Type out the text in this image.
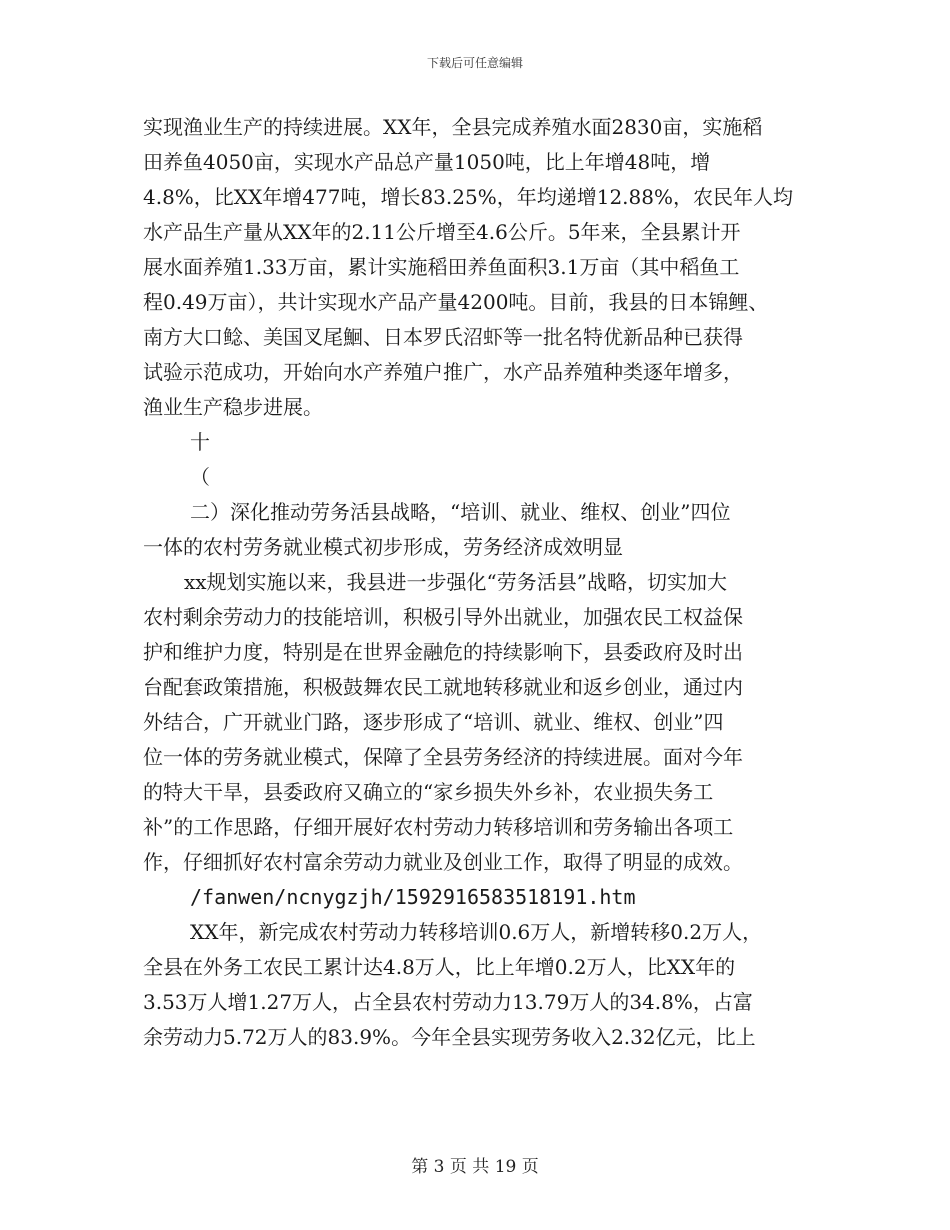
下载后可任意编辑
实现渔业生产的持续进展。XX年，全县完成养殖水面2830亩，实施稻
田养鱼4050亩，实现水产品总产量1050吨，比上年增48吨，增
4.8%，比XX年增477吨，增长83.25%，年均递增12.88%，农民年人均
水产品生产量从XX年的2.11公斤增至4.6公斤。5年来，全县累计开
展水面养殖1.33万亩，累计实施稻田养鱼面积3.1万亩（其中稻鱼工
程0.49万亩），共计实现水产品产量4200吨。目前，我县的日本锦鲤、
南方大口鲶、美国叉尾鮰、日本罗氏沼虾等一批名特优新品种已获得
试验示范成功，开始向水产养殖户推广，水产品养殖种类逐年增多，
渔业生产稳步进展。
十
（
二）深化推动劳务活县战略，“培训、就业、维权、创业”四位
一体的农村劳务就业模式初步形成，劳务经济成效明显
xx规划实施以来，我县进一步强化“劳务活县”战略，切实加大
农村剩余劳动力的技能培训，积极引导外出就业，加强农民工权益保
护和维护力度，特别是在世界金融危的持续影响下，县委政府及时出
台配套政策措施，积极鼓舞农民工就地转移就业和返乡创业，通过内
外结合，广开就业门路，逐步形成了“培训、就业、维权、创业”四
位一体的劳务就业模式，保障了全县劳务经济的持续进展。面对今年
的特大干旱，县委政府又确立的“家乡损失外乡补，农业损失务工
补”的工作思路，仔细开展好农村劳动力转移培训和劳务输出各项工
作，仔细抓好农村富余劳动力就业及创业工作，取得了明显的成效。
/fanwen/ncnygzjh/1592916583518191.htm
XX年，新完成农村劳动力转移培训0.6万人，新增转移0.2万人，
全县在外务工农民工累计达4.8万人，比上年增0.2万人，比XX年的
3.53万人增1.27万人，占全县农村劳动力13.79万人的34.8%，占富
余劳动力5.72万人的83.9%。今年全县实现劳务收入2.32亿元，比上
第 3 页 共 19 页
